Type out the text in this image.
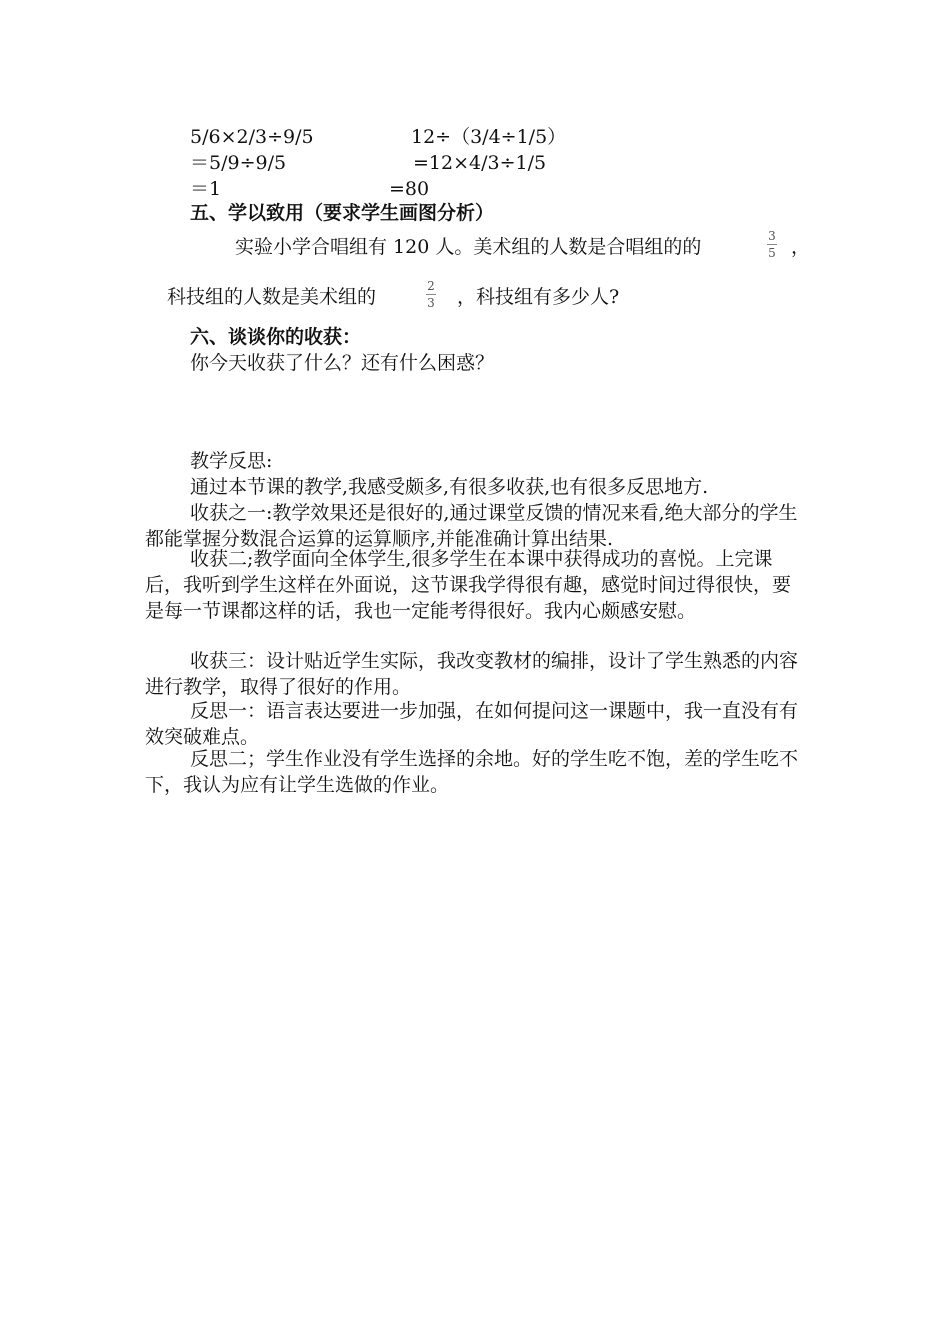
5/6×2/3÷9/5	12÷（3/4÷1/5）
＝5/9÷9/5	=12×4/3÷1/5
＝1	=80
五、学以致用（要求学生画图分析）
实验小学合唱组有 120 人。美术组的人数是合唱组的的	3
5 ，
科技组的人数是美术组的	2
3 ，科技组有多少人?
六、谈谈你的收获：
你今天收获了什么？还有什么困惑？
教学反思:
通过本节课的教学,我感受颇多,有很多收获,也有很多反思地方.
收获之一:教学效果还是很好的,通过课堂反馈的情况来看,绝大部分的学生都能掌握分数混合运算的运算顺序,并能准确计算出结果.
收获二;教学面向全体学生,很多学生在本课中获得成功的喜悦。上完课后，我听到学生这样在外面说，这节课我学得很有趣，感觉时间过得很快，要是每一节课都这样的话，我也一定能考得很好。我内心颇感安慰。
收获三：设计贴近学生实际，我改变教材的编排，设计了学生熟悉的内容进行教学，取得了很好的作用。
反思一：语言表达要进一步加强，在如何提问这一课题中，我一直没有有效突破难点。
反思二；学生作业没有学生选择的余地。好的学生吃不饱，差的学生吃不下，我认为应有让学生选做的作业。
